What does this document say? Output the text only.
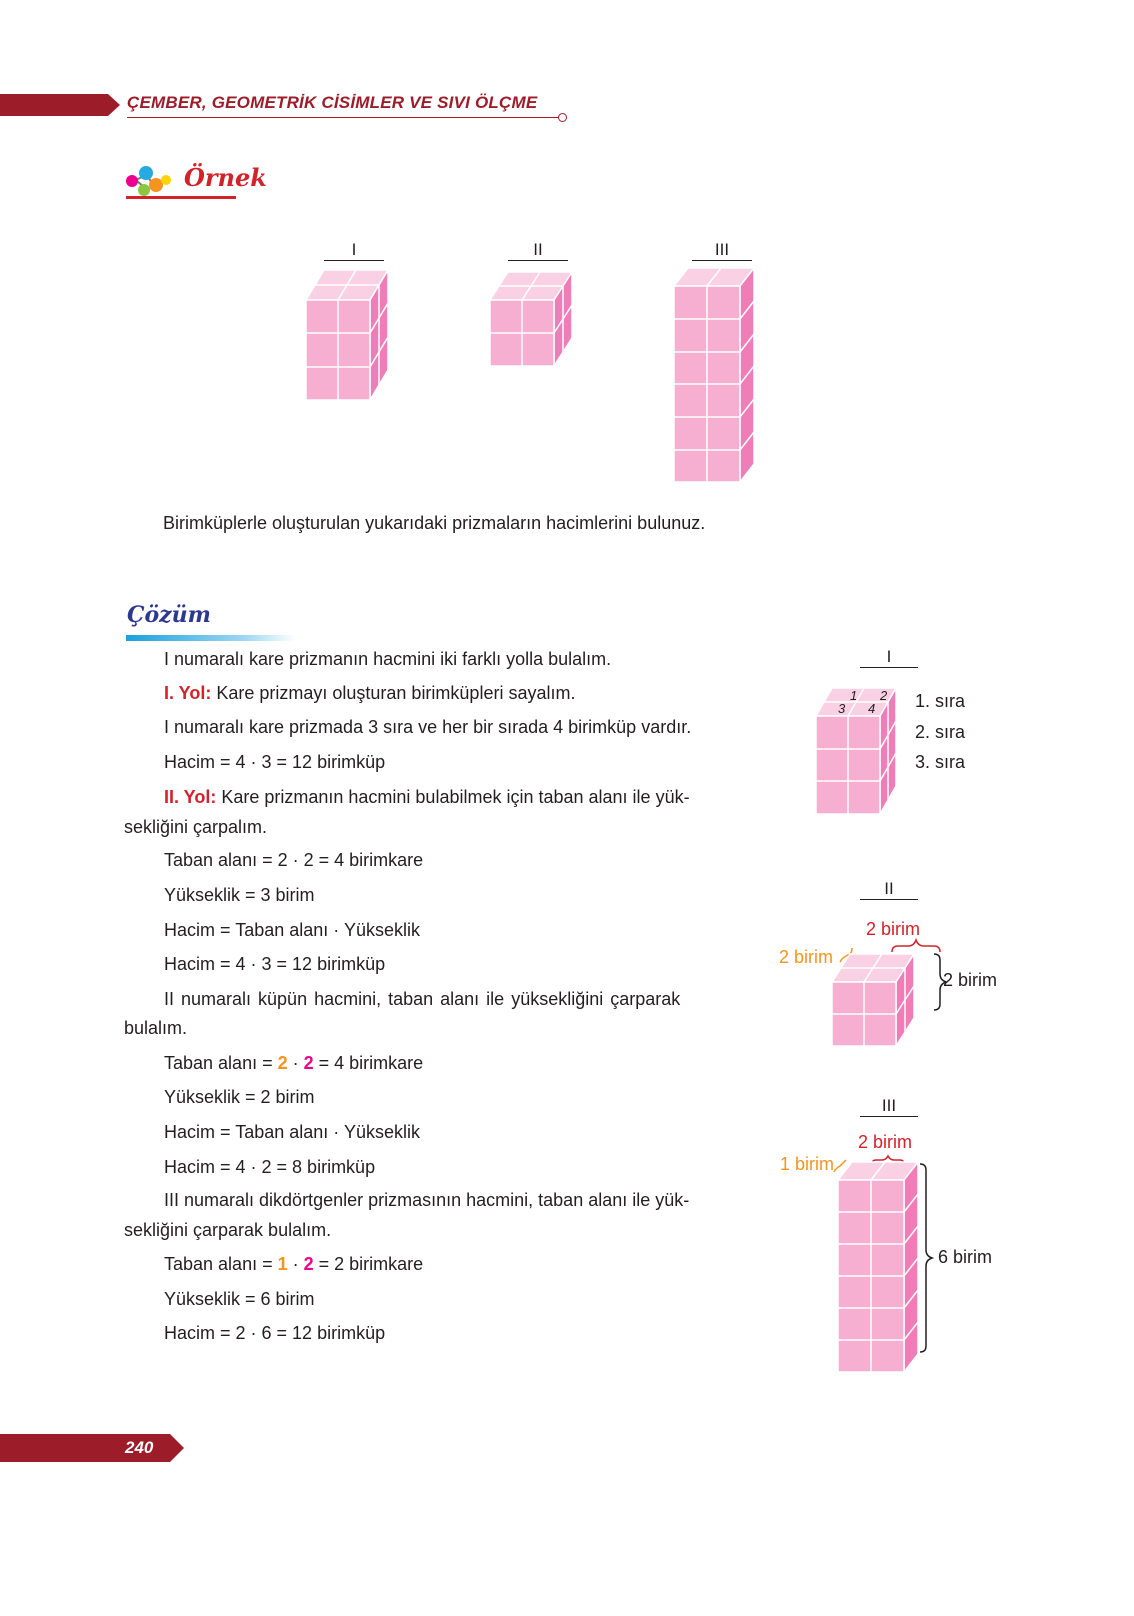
ÇEMBER, GEOMETRİK CİSİMLER VE SIVI ÖLÇME
Örnek
I	II	III
Birimküplerle oluşturulan yukarıdaki prizmaların hacimlerini bulunuz.
Çözüm
I numaralı kare prizmanın hacmini iki farklı yolla bulalım.
I. Yol: Kare prizmayı oluşturan birimküpleri sayalım.
I numaralı kare prizmada 3 sıra ve her bir sırada 4 birimküp vardır.
Hacim = 4 · 3 = 12 birimküp
II. Yol: Kare prizmanın hacmini bulabilmek için taban alanı ile yük-
sekliğini çarpalım.
Taban alanı = 2 · 2 = 4 birimkare
Yükseklik = 3 birim
Hacim = Taban alanı · Yükseklik
Hacim = 4 · 3 = 12 birimküp
II numaralı küpün hacmini, taban alanı ile yüksekliğini çarparak
bulalım.
Taban alanı = 2 · 2 = 4 birimkare
Yükseklik = 2 birim
Hacim = Taban alanı · Yükseklik
Hacim = 4 · 2 = 8 birimküp
III numaralı dikdörtgenler prizmasının hacmini, taban alanı ile yük-
sekliğini çarparak bulalım.
Taban alanı = 1 · 2 = 2 birimkare
Yükseklik = 6 birim
Hacim = 2 · 6 = 12 birimküp
I
1 2
3 4 1. sıra
2. sıra
3. sıra
II
2 birim
2 birim
2 birim
III
2 birim
1 birim
6 birim
240
